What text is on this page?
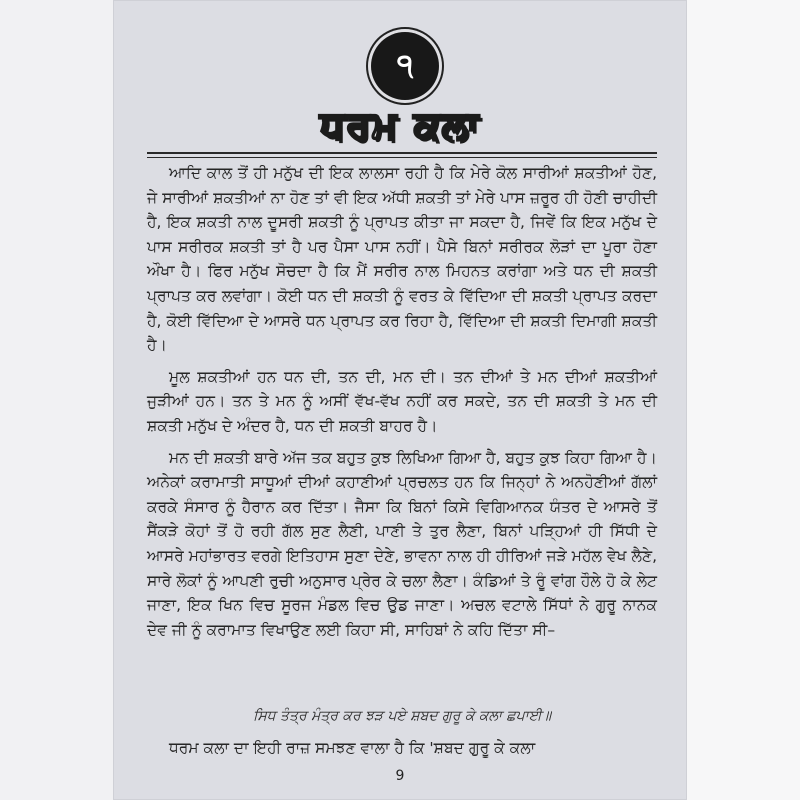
੧
ਧਰਮ ਕਲਾ

ਆਦਿ ਕਾਲ ਤੋਂ ਹੀ ਮਨੁੱਖ ਦੀ ਇਕ ਲਾਲਸਾ ਰਹੀ ਹੈ ਕਿ ਮੇਰੇ ਕੋਲ ਸਾਰੀਆਂ ਸ਼ਕਤੀਆਂ ਹੋਣ, ਜੇ ਸਾਰੀਆਂ ਸ਼ਕਤੀਆਂ ਨਾ ਹੋਣ ਤਾਂ ਵੀ ਇਕ ਅੱਧੀ ਸ਼ਕਤੀ ਤਾਂ ਮੇਰੇ ਪਾਸ ਜ਼ਰੂਰ ਹੀ ਹੋਣੀ ਚਾਹੀਦੀ ਹੈ, ਇਕ ਸ਼ਕਤੀ ਨਾਲ ਦੂਸਰੀ ਸ਼ਕਤੀ ਨੂੰ ਪ੍ਰਾਪਤ ਕੀਤਾ ਜਾ ਸਕਦਾ ਹੈ, ਜਿਵੇਂ ਕਿ ਇਕ ਮਨੁੱਖ ਦੇ ਪਾਸ ਸਰੀਰਕ ਸ਼ਕਤੀ ਤਾਂ ਹੈ ਪਰ ਪੈਸਾ ਪਾਸ ਨਹੀਂ। ਪੈਸੇ ਬਿਨਾਂ ਸਰੀਰਕ ਲੋੜਾਂ ਦਾ ਪੂਰਾ ਹੋਣਾ ਔਖਾ ਹੈ। ਫਿਰ ਮਨੁੱਖ ਸੋਚਦਾ ਹੈ ਕਿ ਮੈਂ ਸਰੀਰ ਨਾਲ ਮਿਹਨਤ ਕਰਾਂਗਾ ਅਤੇ ਧਨ ਦੀ ਸ਼ਕਤੀ ਪ੍ਰਾਪਤ ਕਰ ਲਵਾਂਗਾ। ਕੋਈ ਧਨ ਦੀ ਸ਼ਕਤੀ ਨੂੰ ਵਰਤ ਕੇ ਵਿੱਦਿਆ ਦੀ ਸ਼ਕਤੀ ਪ੍ਰਾਪਤ ਕਰਦਾ ਹੈ, ਕੋਈ ਵਿੱਦਿਆ ਦੇ ਆਸਰੇ ਧਨ ਪ੍ਰਾਪਤ ਕਰ ਰਿਹਾ ਹੈ, ਵਿੱਦਿਆ ਦੀ ਸ਼ਕਤੀ ਦਿਮਾਗੀ ਸ਼ਕਤੀ ਹੈ।

ਮੂਲ ਸ਼ਕਤੀਆਂ ਹਨ ਧਨ ਦੀ, ਤਨ ਦੀ, ਮਨ ਦੀ। ਤਨ ਦੀਆਂ ਤੇ ਮਨ ਦੀਆਂ ਸ਼ਕਤੀਆਂ ਜੁੜੀਆਂ ਹਨ। ਤਨ ਤੇ ਮਨ ਨੂੰ ਅਸੀਂ ਵੱਖ-ਵੱਖ ਨਹੀਂ ਕਰ ਸਕਦੇ, ਤਨ ਦੀ ਸ਼ਕਤੀ ਤੇ ਮਨ ਦੀ ਸ਼ਕਤੀ ਮਨੁੱਖ ਦੇ ਅੰਦਰ ਹੈ, ਧਨ ਦੀ ਸ਼ਕਤੀ ਬਾਹਰ ਹੈ।

ਮਨ ਦੀ ਸ਼ਕਤੀ ਬਾਰੇ ਅੱਜ ਤਕ ਬਹੁਤ ਕੁਝ ਲਿਖਿਆ ਗਿਆ ਹੈ, ਬਹੁਤ ਕੁਝ ਕਿਹਾ ਗਿਆ ਹੈ। ਅਨੇਕਾਂ ਕਰਾਮਾਤੀ ਸਾਧੂਆਂ ਦੀਆਂ ਕਹਾਣੀਆਂ ਪ੍ਰਚਲਤ ਹਨ ਕਿ ਜਿਨ੍ਹਾਂ ਨੇ ਅਨਹੋਣੀਆਂ ਗੱਲਾਂ ਕਰਕੇ ਸੰਸਾਰ ਨੂੰ ਹੈਰਾਨ ਕਰ ਦਿੱਤਾ। ਜੈਸਾ ਕਿ ਬਿਨਾਂ ਕਿਸੇ ਵਿਗਿਆਨਕ ਯੰਤਰ ਦੇ ਆਸਰੇ ਤੋਂ ਸੈਂਕੜੇ ਕੋਹਾਂ ਤੋਂ ਹੋ ਰਹੀ ਗੱਲ ਸੁਣ ਲੈਣੀ, ਪਾਣੀ ਤੇ ਤੁਰ ਲੈਣਾ, ਬਿਨਾਂ ਪੜ੍ਹਿਆਂ ਹੀ ਸਿੱਧੀ ਦੇ ਆਸਰੇ ਮਹਾਂਭਾਰਤ ਵਰਗੇ ਇਤਿਹਾਸ ਸੁਣਾ ਦੇਣੇ, ਭਾਵਨਾ ਨਾਲ ਹੀ ਹੀਰਿਆਂ ਜੜੇ ਮਹੱਲ ਵੇਖ ਲੈਣੇ, ਸਾਰੇ ਲੋਕਾਂ ਨੂੰ ਆਪਣੀ ਰੁਚੀ ਅਨੁਸਾਰ ਪ੍ਰੇਰ ਕੇ ਚਲਾ ਲੈਣਾ। ਕੰਡਿਆਂ ਤੇ ਰੂੰ ਵਾਂਗ ਹੌਲੇ ਹੋ ਕੇ ਲੇਟ ਜਾਣਾ, ਇਕ ਖਿਨ ਵਿਚ ਸੂਰਜ ਮੰਡਲ ਵਿਚ ਉਡ ਜਾਣਾ। ਅਚਲ ਵਟਾਲੇ ਸਿੱਧਾਂ ਨੇ ਗੁਰੂ ਨਾਨਕ ਦੇਵ ਜੀ ਨੂੰ ਕਰਾਮਾਤ ਵਿਖਾਉਣ ਲਈ ਕਿਹਾ ਸੀ, ਸਾਹਿਬਾਂ ਨੇ ਕਹਿ ਦਿੱਤਾ ਸੀ–

ਸਿਧ ਤੰਤ੍ਰ ਮੰਤ੍ਰ ਕਰ ਝੜ ਪਏ ਸ਼ਬਦ ਗੁਰੂ ਕੇ ਕਲਾ ਛਪਾਈ॥
ਧਰਮ ਕਲਾ ਦਾ ਇਹੀ ਰਾਜ਼ ਸਮਝਣ ਵਾਲਾ ਹੈ ਕਿ 'ਸ਼ਬਦ ਗੁਰੂ ਕੇ ਕਲਾ
9
